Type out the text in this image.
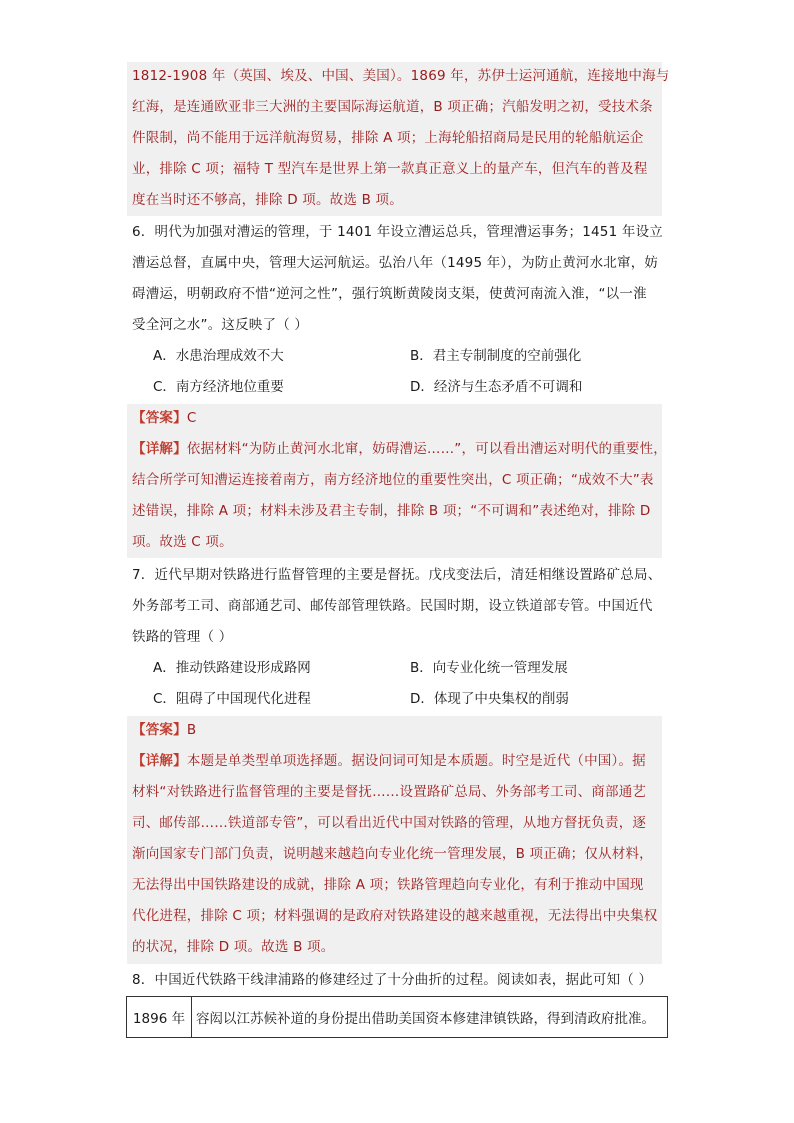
1812-1908 年（英国、埃及、中国、美国）。1869 年，苏伊士运河通航，连接地中海与
红海，是连通欧亚非三大洲的主要国际海运航道，B 项正确；汽船发明之初，受技术条
件限制，尚不能用于远洋航海贸易，排除 A 项；上海轮船招商局是民用的轮船航运企
业，排除 C 项；福特 T 型汽车是世界上第一款真正意义上的量产车，但汽车的普及程
度在当时还不够高，排除 D 项。故选 B 项。
6．明代为加强对漕运的管理，于 1401 年设立漕运总兵，管理漕运事务；1451 年设立
漕运总督，直属中央，管理大运河航运。弘治八年（1495 年），为防止黄河水北窜，妨
碍漕运，明朝政府不惜“逆河之性”，强行筑断黄陵岗支渠，使黄河南流入淮，“以一淮
受全河之水”。这反映了（ ）
A．水患治理成效不大	B．君主专制制度的空前强化
C．南方经济地位重要	D．经济与生态矛盾不可调和
【答案】C
【详解】依据材料“为防止黄河水北窜，妨碍漕运……”，可以看出漕运对明代的重要性，
结合所学可知漕运连接着南方，南方经济地位的重要性突出，C 项正确；“成效不大”表
述错误，排除 A 项；材料未涉及君主专制，排除 B 项；“不可调和”表述绝对，排除 D
项。故选 C 项。
7．近代早期对铁路进行监督管理的主要是督抚。戊戌变法后，清廷相继设置路矿总局、
外务部考工司、商部通艺司、邮传部管理铁路。民国时期，设立铁道部专管。中国近代
铁路的管理（ ）
A．推动铁路建设形成路网	B．向专业化统一管理发展
C．阻碍了中国现代化进程	D．体现了中央集权的削弱
【答案】B
【详解】本题是单类型单项选择题。据设问词可知是本质题。时空是近代（中国）。据
材料“对铁路进行监督管理的主要是督抚……设置路矿总局、外务部考工司、商部通艺
司、邮传部……铁道部专管”，可以看出近代中国对铁路的管理，从地方督抚负责，逐
渐向国家专门部门负责，说明越来越趋向专业化统一管理发展，B 项正确；仅从材料，
无法得出中国铁路建设的成就，排除 A 项；铁路管理趋向专业化，有利于推动中国现
代化进程，排除 C 项；材料强调的是政府对铁路建设的越来越重视，无法得出中央集权
的状况，排除 D 项。故选 B 项。
8．中国近代铁路干线津浦路的修建经过了十分曲折的过程。阅读如表，据此可知（ ）
1896 年	容闳以江苏候补道的身份提出借助美国资本修建津镇铁路，得到清政府批准。
